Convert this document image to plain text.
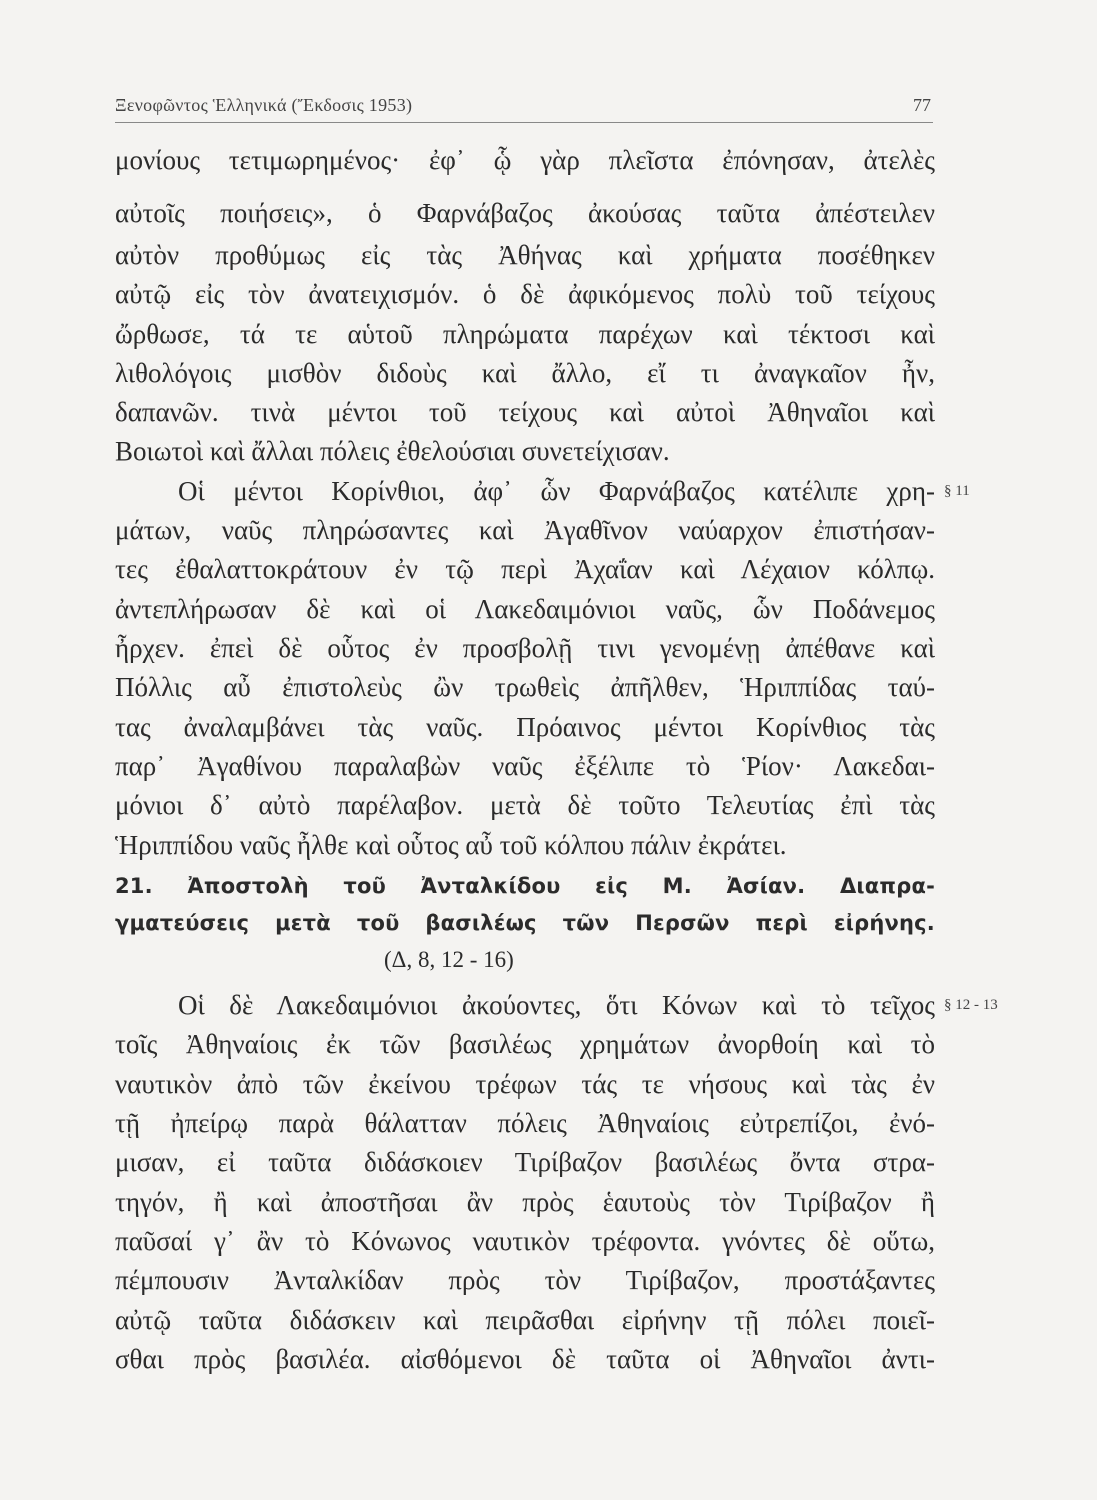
Ξενοφῶντος Ἑλληνικά (Ἔκδοσις 1953)	77
μονίους τετιμωρημένος· ἐφ᾽ ᾧ γὰρ πλεῖστα ἐπόνησαν, ἀτελὲς
αὐτοῖς ποιήσεις», ὁ Φαρνάβαζος ἀκούσας ταῦτα ἀπέστειλεν
αὐτὸν προθύμως εἰς τὰς Ἀθήνας καὶ χρήματα ποσέθηκεν
αὐτῷ εἰς τὸν ἀνατειχισμόν. ὁ δὲ ἀφικόμενος πολὺ τοῦ τείχους
ὤρθωσε, τά τε αὑτοῦ πληρώματα παρέχων καὶ τέκτοσι καὶ
λιθολόγοις μισθὸν διδοὺς καὶ ἄλλο, εἴ τι ἀναγκαῖον ἦν,
δαπανῶν. τινὰ μέντοι τοῦ τείχους καὶ αὐτοὶ Ἀθηναῖοι καὶ
Βοιωτοὶ καὶ ἄλλαι πόλεις ἐθελούσιαι συνετείχισαν.
Οἱ μέντοι Κορίνθιοι, ἀφ᾽ ὧν Φαρνάβαζος κατέλιπε χρη-
μάτων, ναῦς πληρώσαντες καὶ Ἀγαθῖνον ναύαρχον ἐπιστήσαν-
τες ἐθαλαττοκράτουν ἐν τῷ περὶ Ἀχαΐαν καὶ Λέχαιον κόλπῳ.
ἀντεπλήρωσαν δὲ καὶ οἱ Λακεδαιμόνιοι ναῦς, ὧν Ποδάνεμος
ἦρχεν. ἐπεὶ δὲ οὗτος ἐν προσβολῇ τινι γενομένῃ ἀπέθανε καὶ
Πόλλις αὖ ἐπιστολεὺς ὢν τρωθεὶς ἀπῆλθεν, Ἡριππίδας ταύ-
τας ἀναλαμβάνει τὰς ναῦς. Πρόαινος μέντοι Κορίνθιος τὰς
παρ᾽ Ἀγαθίνου παραλαβὼν ναῦς ἐξέλιπε τὸ Ῥίον· Λακεδαι-
μόνιοι δ᾽ αὐτὸ παρέλαβον. μετὰ δὲ τοῦτο Τελευτίας ἐπὶ τὰς
Ἡριππίδου ναῦς ἦλθε καὶ οὗτος αὖ τοῦ κόλπου πάλιν ἐκράτει.
21. Ἀποστολὴ τοῦ Ἀνταλκίδου εἰς Μ. Ἀσίαν. Διαπρα-
γματεύσεις μετὰ τοῦ βασιλέως τῶν Περσῶν περὶ εἰρήνης.
(Δ, 8, 12 - 16)
Οἱ δὲ Λακεδαιμόνιοι ἀκούοντες, ὅτι Κόνων καὶ τὸ τεῖχος
τοῖς Ἀθηναίοις ἐκ τῶν βασιλέως χρημάτων ἀνορθοίη καὶ τὸ
ναυτικὸν ἀπὸ τῶν ἐκείνου τρέφων τάς τε νήσους καὶ τὰς ἐν
τῇ ἠπείρῳ παρὰ θάλατταν πόλεις Ἀθηναίοις εὐτρεπίζοι, ἐνό-
μισαν, εἰ ταῦτα διδάσκοιεν Τιρίβαζον βασιλέως ὄντα στρα-
τηγόν, ἢ καὶ ἀποστῆσαι ἂν πρὸς ἑαυτοὺς τὸν Τιρίβαζον ἢ
παῦσαί γ᾽ ἂν τὸ Κόνωνος ναυτικὸν τρέφοντα. γνόντες δὲ οὕτω,
πέμπουσιν Ἀνταλκίδαν πρὸς τὸν Τιρίβαζον, προστάξαντες
αὐτῷ ταῦτα διδάσκειν καὶ πειρᾶσθαι εἰρήνην τῇ πόλει ποιεῖ-
σθαι πρὸς βασιλέα. αἰσθόμενοι δὲ ταῦτα οἱ Ἀθηναῖοι ἀντι-
§ 11
§ 12 - 13
